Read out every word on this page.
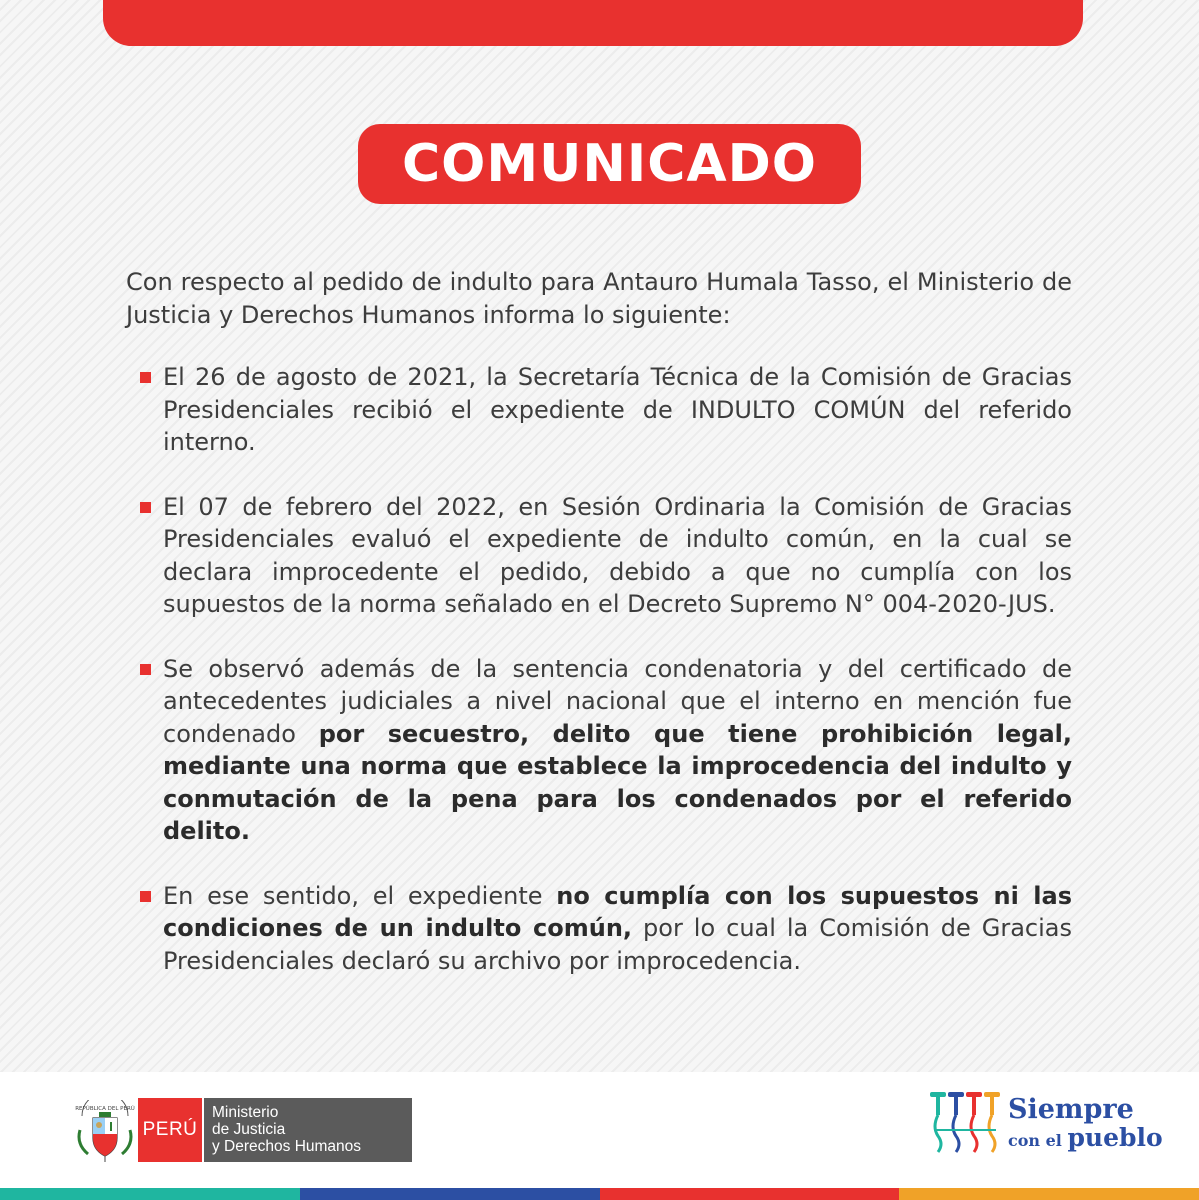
COMUNICADO

Con respecto al pedido de indulto para Antauro Humala Tasso, el Ministerio de Justicia y Derechos Humanos informa lo siguiente:

El 26 de agosto de 2021, la Secretaría Técnica de la Comisión de Gracias Presidenciales recibió el expediente de INDULTO COMÚN del referido interno.
El 07 de febrero del 2022, en Sesión Ordinaria la Comisión de Gracias Presidenciales evaluó el expediente de indulto común, en la cual se declara improcedente el pedido, debido a que no cumplía con los supuestos de la norma señalado en el Decreto Supremo N° 004-2020-JUS.
Se observó además de la sentencia condenatoria y del certificado de antecedentes judiciales a nivel nacional que el interno en mención fue condenado por secuestro, delito que tiene prohibición legal, mediante una norma que establece la improcedencia del indulto y conmutación de la pena para los condenados por el referido delito.
En ese sentido, el expediente no cumplía con los supuestos ni las condiciones de un indulto común, por lo cual la Comisión de Gracias Presidenciales declaró su archivo por improcedencia.
REPÚBLICA DEL PERÚ
PERÚ
Ministerio
de Justicia
y Derechos Humanos
Siempre
con el pueblo
